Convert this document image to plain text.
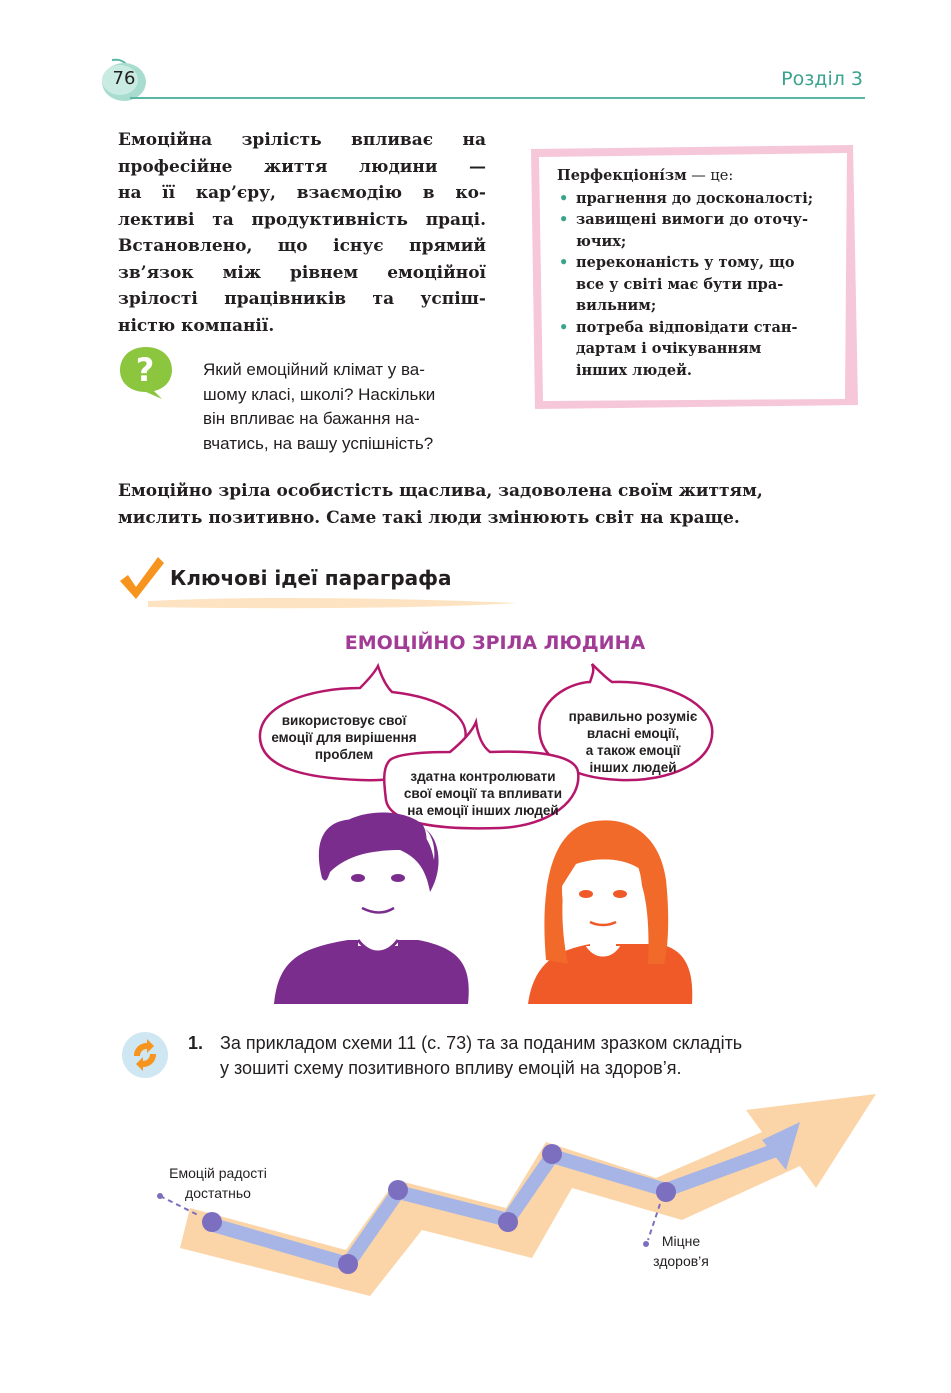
76	Розділ 3
Емоційна зрілість впливає на
професійне життя людини —
на її кар’єру, взаємодію в ко-
лективі та продуктивність праці.
Встановлено, що існує прямий
зв’язок між рівнем емоційної
зрілості працівників та успіш-
ністю компанії.
?	Який емоційний клімат у ва-
шому класі, школі? Наскільки
він впливає на бажання на-
вчатись, на вашу успішність?
Перфекціоні́зм — це:
• прагнення до досконалості;
• завищені вимоги до оточу-
ючих;
• переконаність у тому, що
все у світі має бути пра-
вильним;
• потреба відповідати стан-
дартам і очікуванням
інших людей.
Емоційно зріла особистість щаслива, задоволена своїм життям,
мислить позитивно. Саме такі люди змінюють світ на краще.
Ключові ідеї параграфа
ЕМОЦІЙНО ЗРІЛА ЛЮДИНА
використовує свої
емоції для вирішення
проблем
правильно розуміє
власні емоції,
а також емоції
інших людей
здатна контролювати
свої емоції та впливати
на емоції інших людей
1. За прикладом схеми 11 (с. 73) та за поданим зразком складіть
у зошиті схему позитивного впливу емоцій на здоров’я.
Емоцій радості
достатньо
Міцне
здоров’я
